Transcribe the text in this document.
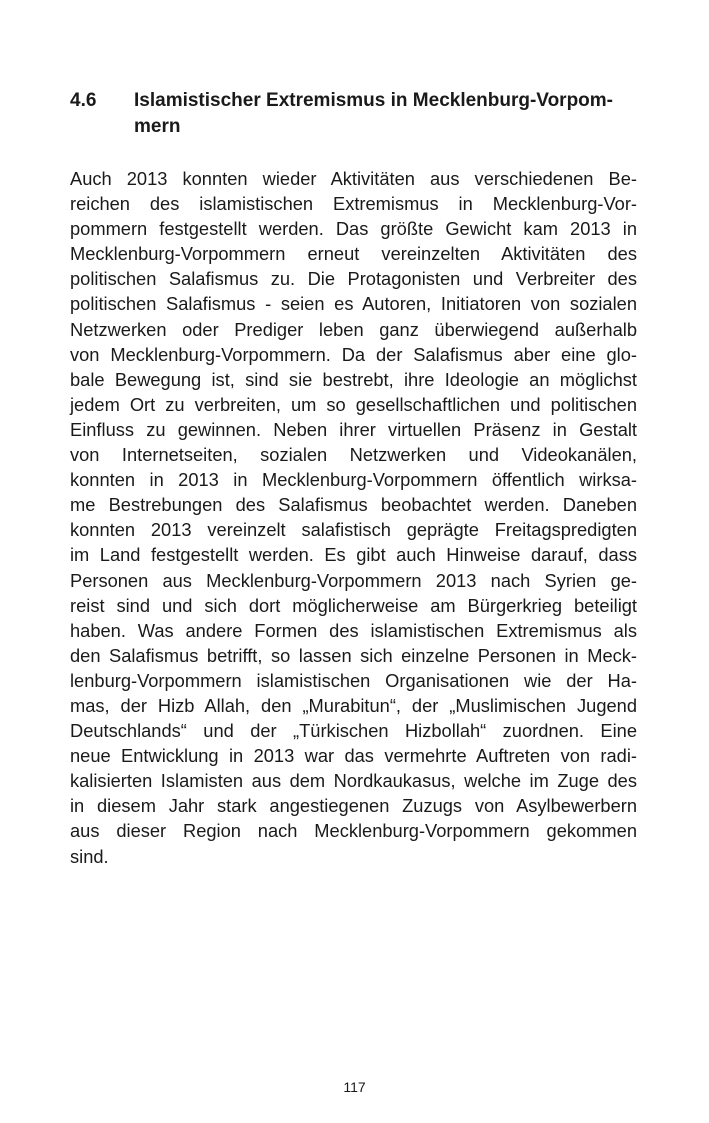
4.6	Islamistischer Extremismus in Mecklenburg-Vorpom-
mern
Auch 2013 konnten wieder Aktivitäten aus verschiedenen Be-
reichen des islamistischen Extremismus in Mecklenburg-Vor-
pommern festgestellt werden. Das größte Gewicht kam 2013 in
Mecklenburg-Vorpommern erneut vereinzelten Aktivitäten des
politischen Salafismus zu. Die Protagonisten und Verbreiter des
politischen Salafismus - seien es Autoren, Initiatoren von sozialen
Netzwerken oder Prediger leben ganz überwiegend außerhalb
von Mecklenburg-Vorpommern. Da der Salafismus aber eine glo-
bale Bewegung ist, sind sie bestrebt, ihre Ideologie an möglichst
jedem Ort zu verbreiten, um so gesellschaftlichen und politischen
Einfluss zu gewinnen. Neben ihrer virtuellen Präsenz in Gestalt
von Internetseiten, sozialen Netzwerken und Videokanälen,
konnten in 2013 in Mecklenburg-Vorpommern öffentlich wirksa-
me Bestrebungen des Salafismus beobachtet werden. Daneben
konnten 2013 vereinzelt salafistisch geprägte Freitagspredigten
im Land festgestellt werden. Es gibt auch Hinweise darauf, dass
Personen aus Mecklenburg-Vorpommern 2013 nach Syrien ge-
reist sind und sich dort möglicherweise am Bürgerkrieg beteiligt
haben. Was andere Formen des islamistischen Extremismus als
den Salafismus betrifft, so lassen sich einzelne Personen in Meck-
lenburg-Vorpommern islamistischen Organisationen wie der Ha-
mas, der Hizb Allah, den „Murabitun“, der „Muslimischen Jugend
Deutschlands“ und der „Türkischen Hizbollah“ zuordnen. Eine
neue Entwicklung in 2013 war das vermehrte Auftreten von radi-
kalisierten Islamisten aus dem Nordkaukasus, welche im Zuge des
in diesem Jahr stark angestiegenen Zuzugs von Asylbewerbern
aus dieser Region nach Mecklenburg-Vorpommern gekommen
sind.
117
